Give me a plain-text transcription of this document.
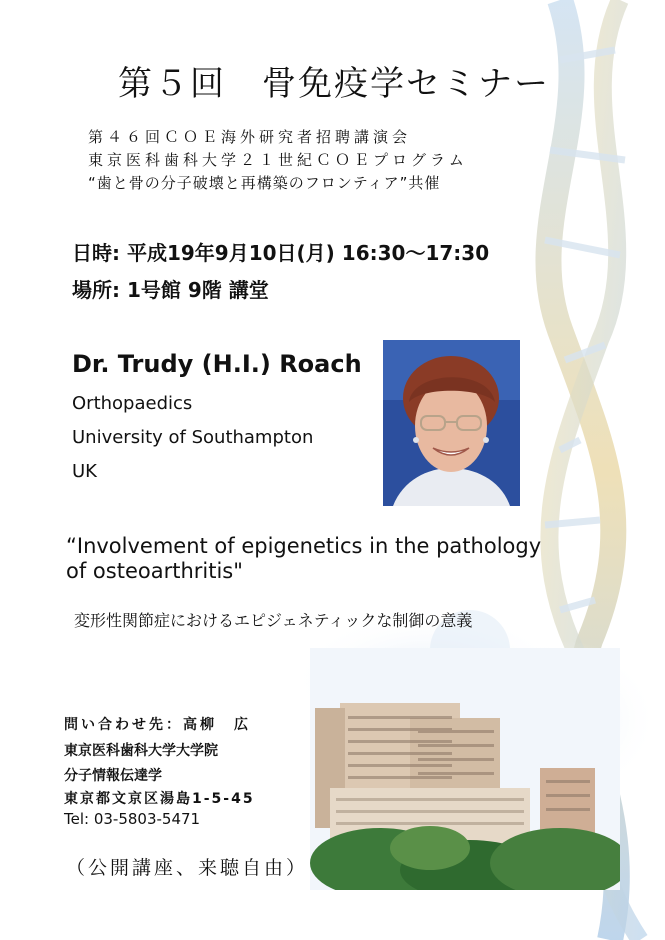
第５回　骨免疫学セミナー
第４６回ＣＯＥ海外研究者招聘講演会
東京医科歯科大学２１世紀ＣＯＥプログラム
“歯と骨の分子破壊と再構築のフロンティア”共催
日時: 平成19年9月10日(月) 16:30〜17:30
場所: 1号館 9階 講堂
Dr. Trudy (H.I.) Roach
Orthopaedics
University of Southampton
UK
“Involvement of epigenetics in the pathology of osteoarthritis"
変形性関節症におけるエピジェネティックな制御の意義
問い合わせ先：高柳　広
東京医科歯科大学大学院
分子情報伝達学
東京都文京区湯島1-5-45
Tel: 03-5803-5471
（公開講座、来聴自由）
